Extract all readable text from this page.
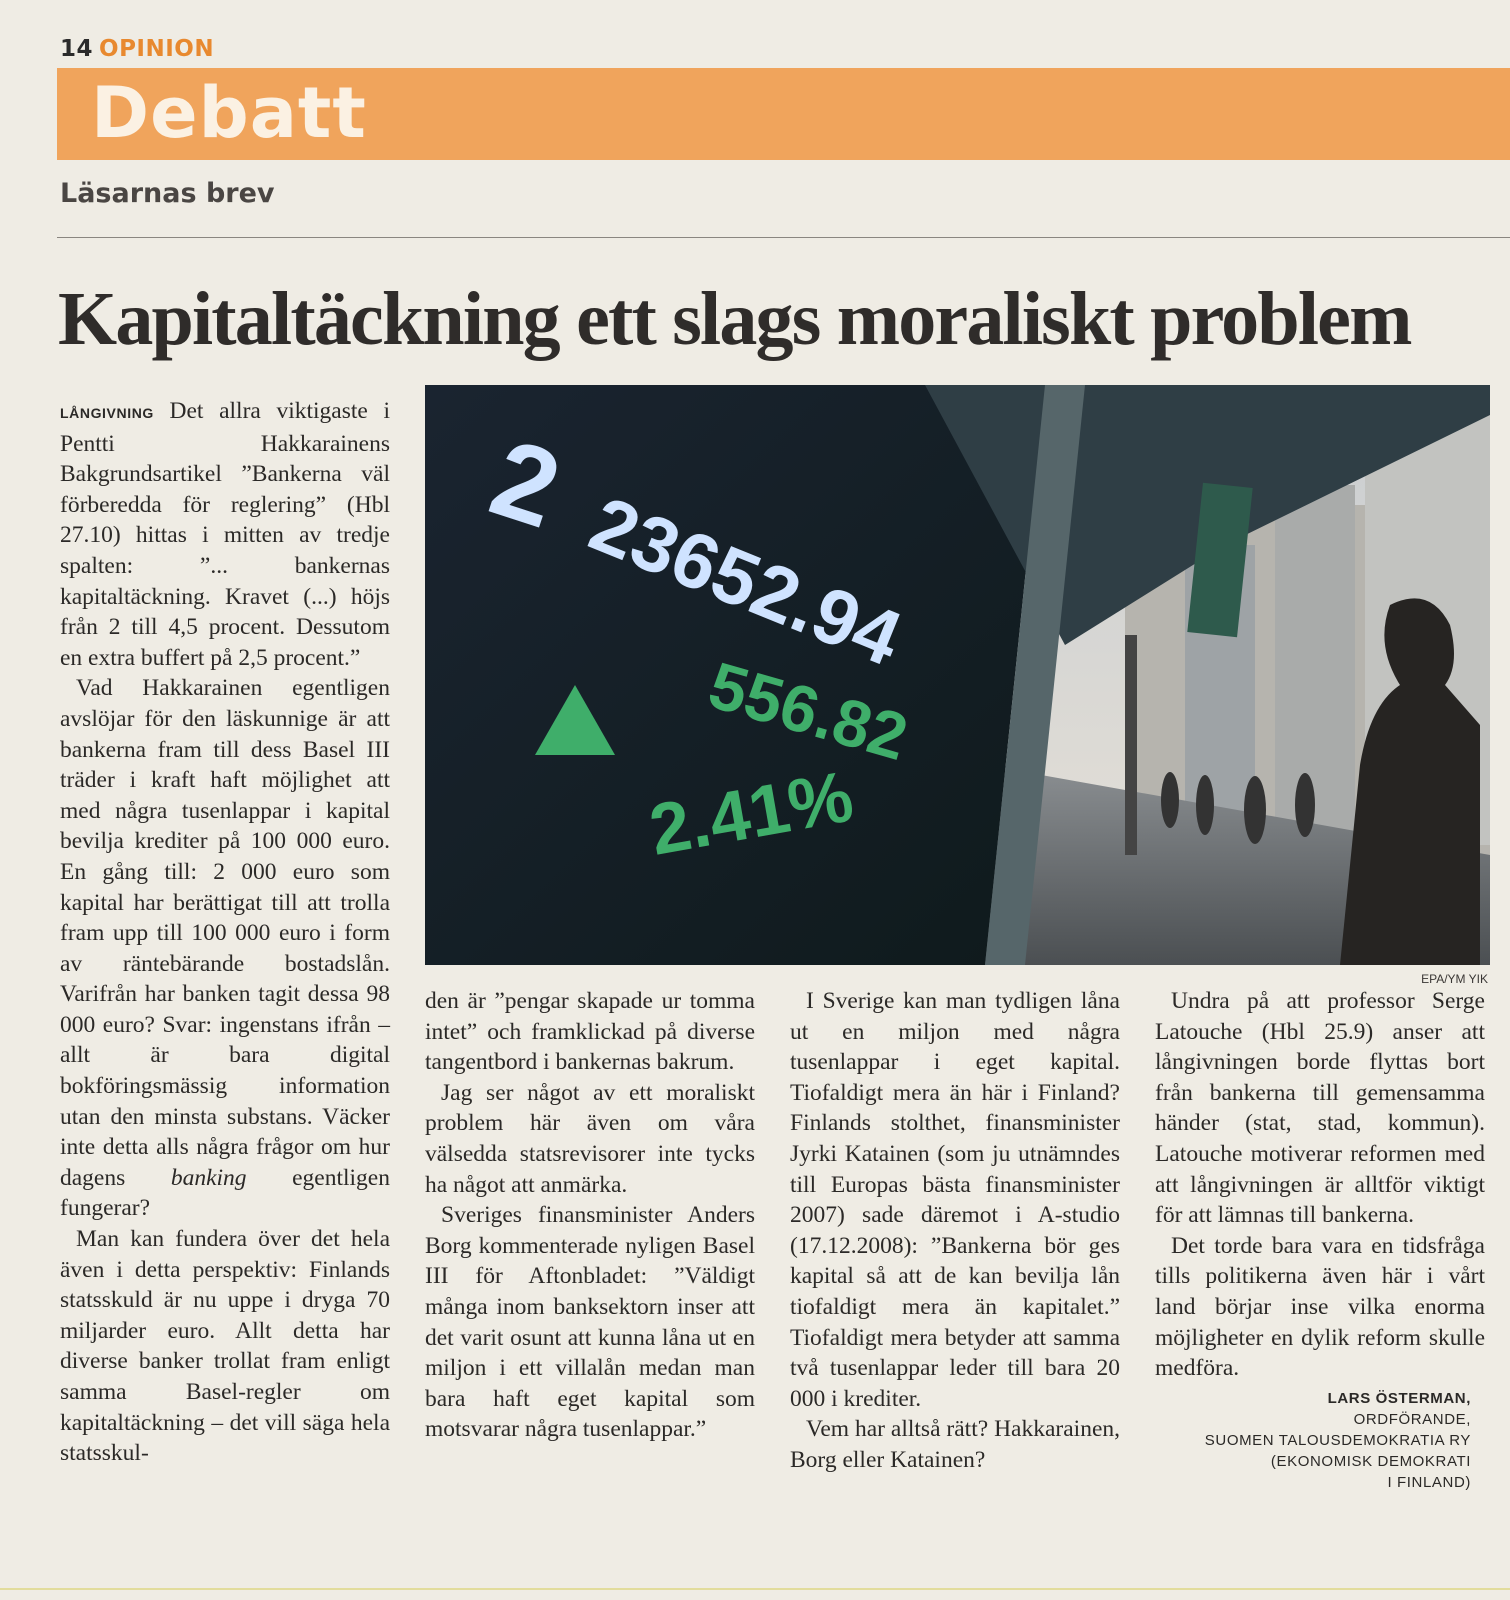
14 OPINION
Debatt
Läsarnas brev
Kapitaltäckning ett slags moraliskt problem
2 23652.94
556.82
2.41%
EPA/YM YIK

LÅNGIVNING Det allra viktigaste i Pentti Hakkarainens Bakgrundsartikel ”Bankerna väl förberedda för reglering” (Hbl 27.10) hittas i mitten av tredje spalten: ”... bankernas kapitaltäckning. Kravet (...) höjs från 2 till 4,5 procent. Dessutom en extra buffert på 2,5 procent.”

Vad Hakkarainen egentligen avslöjar för den läskunnige är att bankerna fram till dess Basel III träder i kraft haft möjlighet att med några tusenlappar i kapital bevilja krediter på 100 000 euro. En gång till: 2 000 euro som kapital har berättigat till att trolla fram upp till 100 000 euro i form av räntebärande bostadslån. Varifrån har banken tagit dessa 98 000 euro? Svar: ingenstans ifrån – allt är bara digital bokföringsmässig information utan den minsta substans. Väcker inte detta alls några frågor om hur dagens banking egentligen fungerar?

Man kan fundera över det hela även i detta perspektiv: Finlands statsskuld är nu uppe i dryga 70 miljarder euro. Allt detta har diverse banker trollat fram enligt samma Basel-regler om kapitaltäckning – det vill säga hela statsskul-

den är ”pengar skapade ur tomma intet” och framklickad på diverse tangentbord i bankernas bakrum.

Jag ser något av ett moraliskt problem här även om våra välsedda statsrevisorer inte tycks ha något att anmärka.

Sveriges finansminister Anders Borg kommenterade nyligen Basel III för Aftonbladet: ”Väldigt många inom banksektorn inser att det varit osunt att kunna låna ut en miljon i ett villalån medan man bara haft eget kapital som motsvarar några tusenlappar.”

I Sverige kan man tydligen låna ut en miljon med några tusenlappar i eget kapital. Tiofaldigt mera än här i Finland? Finlands stolthet, finansminister Jyrki Katainen (som ju utnämndes till Europas bästa finansminister 2007) sade däremot i A-studio (17.12.2008): ”Bankerna bör ges kapital så att de kan bevilja lån tiofaldigt mera än kapitalet.” Tiofaldigt mera betyder att samma två tusenlappar leder till bara 20 000 i krediter.

Vem har alltså rätt? Hakkarainen, Borg eller Katainen?

Undra på att professor Serge Latouche (Hbl 25.9) anser att långivningen borde flyttas bort från bankerna till gemensamma händer (stat, stad, kommun). Latouche motiverar reformen med att långivningen är alltför viktigt för att lämnas till bankerna.

Det torde bara vara en tidsfråga tills politikerna även här i vårt land börjar inse vilka enorma möjligheter en dylik reform skulle medföra.

LARS ÖSTERMAN,
ORDFÖRANDE,
SUOMEN TALOUSDEMOKRATIA RY
(EKONOMISK DEMOKRATI
I FINLAND)
